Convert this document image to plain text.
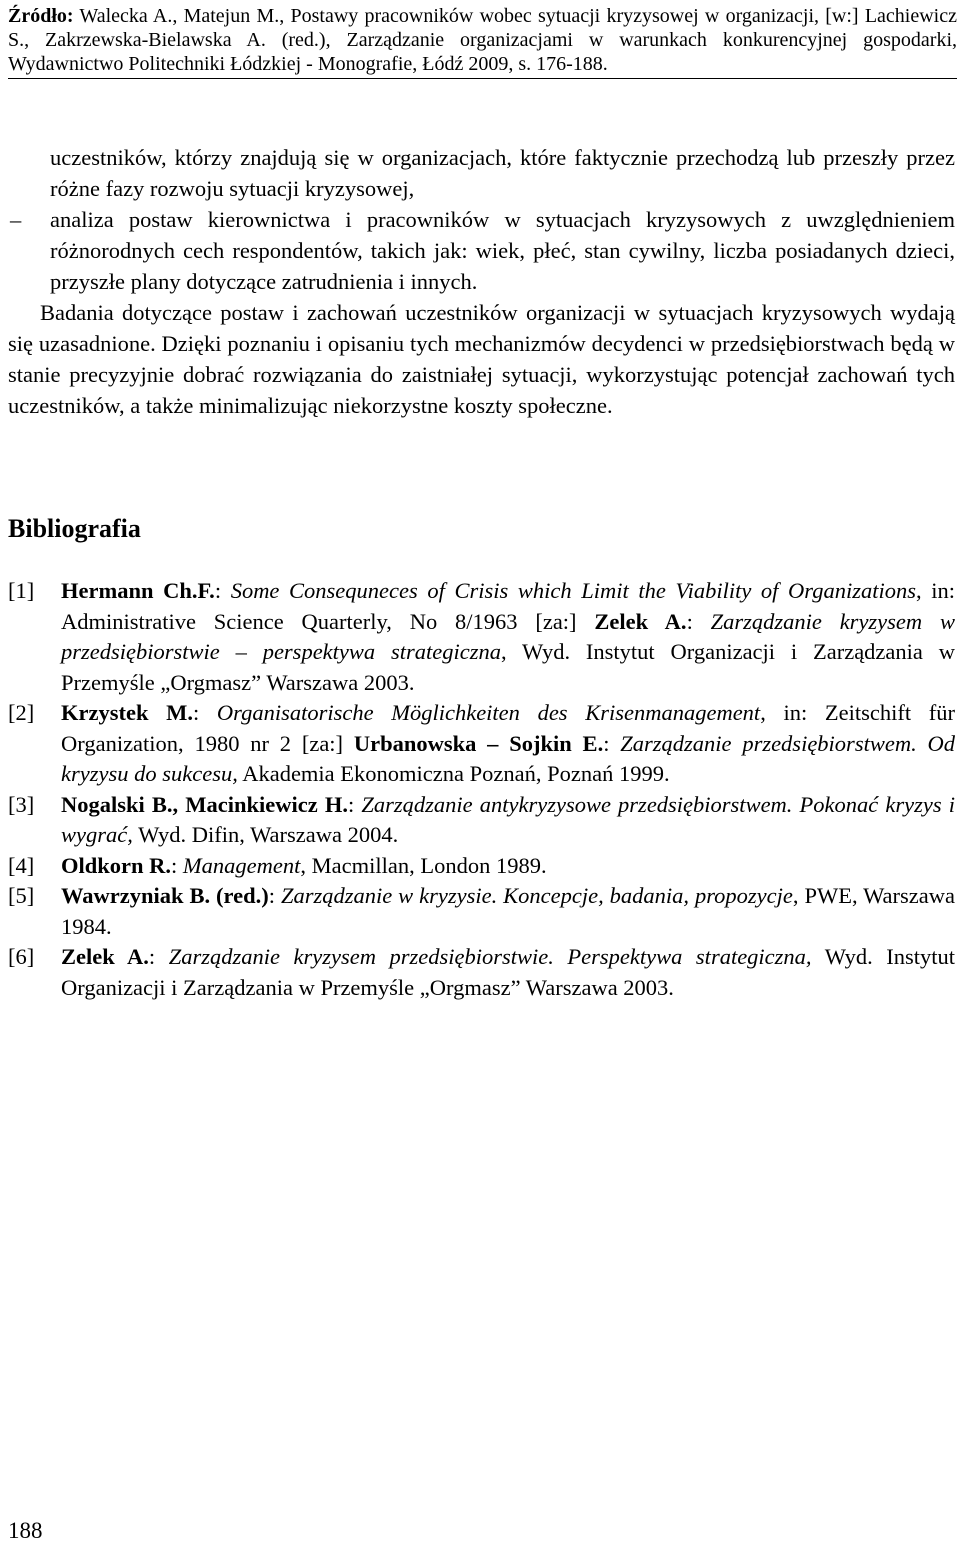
Źródło: Walecka A., Matejun M., Postawy pracowników wobec sytuacji kryzysowej w organizacji, [w:] Lachiewicz S., Zakrzewska-Bielawska A. (red.), Zarządzanie organizacjami w warunkach konkurencyjnej gospodarki, Wydawnictwo Politechniki Łódzkiej - Monografie, Łódź 2009, s. 176-188.

uczestników, którzy znajdują się w organizacjach, które faktycznie przechodzą lub przeszły przez różne fazy rozwoju sytuacji kryzysowej,

–	analiza postaw kierownictwa i pracowników w sytuacjach kryzysowych z uwzględnieniem różnorodnych cech respondentów, takich jak: wiek, płeć, stan cywilny, liczba posiadanych dzieci, przyszłe plany dotyczące zatrudnienia i innych.

Badania dotyczące postaw i zachowań uczestników organizacji w sytuacjach kryzysowych wydają się uzasadnione. Dzięki poznaniu i opisaniu tych mechanizmów decydenci w przedsiębiorstwach będą w stanie precyzyjnie dobrać rozwiązania do zaistniałej sytuacji, wykorzystując potencjał zachowań tych uczestników, a także minimalizując niekorzystne koszty społeczne.

Bibliografia
[1] Hermann Ch.F.: Some Consequneces of Crisis which Limit the Viability of Organizations, in: Administrative Science Quarterly, No 8/1963 [za:] Zelek A.: Zarządzanie kryzysem w przedsiębiorstwie – perspektywa strategiczna, Wyd. Instytut Organizacji i Zarządzania w Przemyśle „Orgmasz” Warszawa 2003.
[2] Krzystek M.: Organisatorische Möglichkeiten des Krisenmanagement, in: Zeitschift für Organization, 1980 nr 2 [za:] Urbanowska – Sojkin E.: Zarządzanie przedsiębiorstwem. Od kryzysu do sukcesu, Akademia Ekonomiczna Poznań, Poznań 1999.
[3] Nogalski B., Macinkiewicz H.: Zarządzanie antykryzysowe przedsiębiorstwem. Pokonać kryzys i wygrać, Wyd. Difin, Warszawa 2004.
[4] Oldkorn R.: Management, Macmillan, London 1989.
[5] Wawrzyniak B. (red.): Zarządzanie w kryzysie. Koncepcje, badania, propozycje, PWE, Warszawa 1984.
[6] Zelek A.: Zarządzanie kryzysem przedsiębiorstwie. Perspektywa strategiczna, Wyd. Instytut Organizacji i Zarządzania w Przemyśle „Orgmasz” Warszawa 2003.
188
